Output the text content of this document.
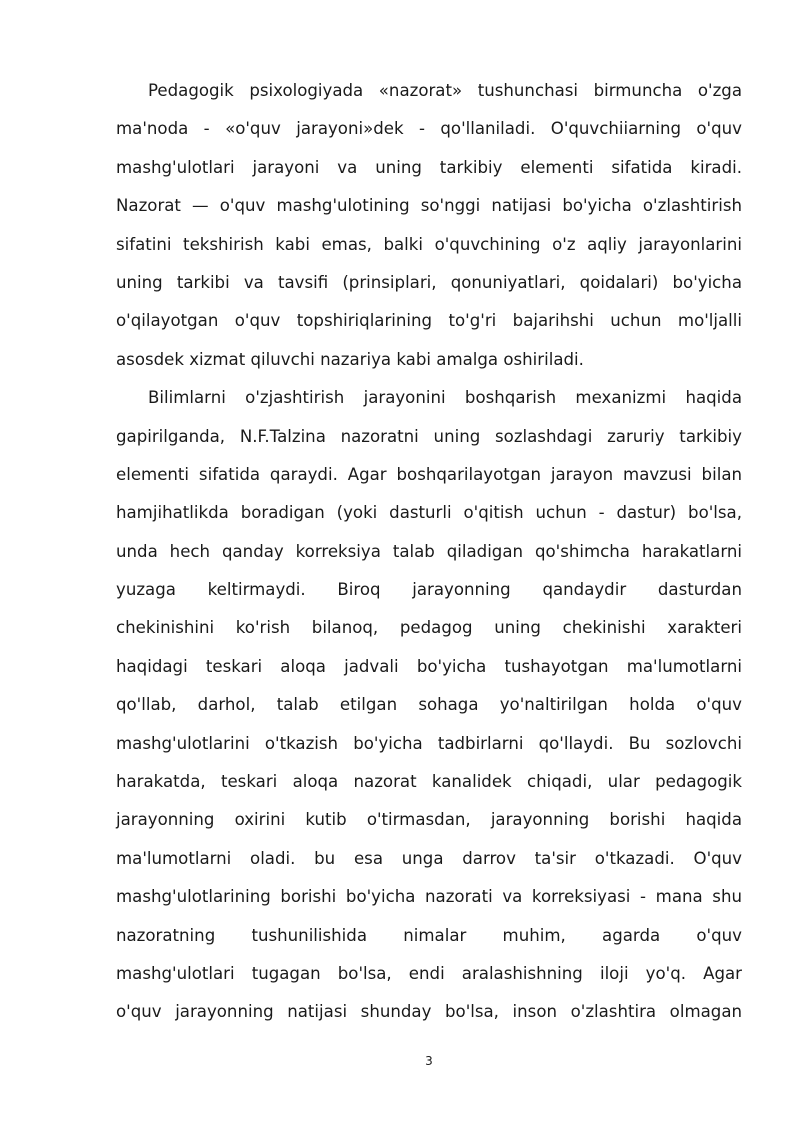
Pedagogik psixologiyada «nazorat» tushunchasi birmuncha o'zga
ma'noda - «o'quv jarayoni»dek - qo'llaniladi. O'quvchiiarning o'quv
mashg'ulotlari jarayoni va uning tarkibiy elementi sifatida kiradi.
Nazorat — o'quv mashg'ulotining so'nggi natijasi bo'yicha o'zlashtirish
sifatini tekshirish kabi emas, balki o'quvchining o'z aqliy jarayonlarini
uning tarkibi va tavsifi (prinsiplari, qonuniyatlari, qoidalari) bo'yicha
o'qilayotgan o'quv topshiriqlarining to'g'ri bajarihshi uchun mo'ljalli
asosdek xizmat qiluvchi nazariya kabi amalga oshiriladi.
Bilimlarni o'zjashtirish jarayonini boshqarish mexanizmi haqida
gapirilganda, N.F.Talzina nazoratni uning sozlashdagi zaruriy tarkibiy
elementi sifatida qaraydi. Agar boshqarilayotgan jarayon mavzusi bilan
hamjihatlikda boradigan (yoki dasturli o'qitish uchun - dastur) bo'lsa,
unda hech qanday korreksiya talab qiladigan qo'shimcha harakatlarni
yuzaga keltirmaydi. Biroq jarayonning qandaydir dasturdan
chekinishini ko'rish bilanoq, pedagog uning chekinishi xarakteri
haqidagi teskari aloqa jadvali bo'yicha tushayotgan ma'lumotlarni
qo'llab, darhol, talab etilgan sohaga yo'naltirilgan holda o'quv
mashg'ulotlarini o'tkazish bo'yicha tadbirlarni qo'llaydi. Bu sozlovchi
harakatda, teskari aloqa nazorat kanalidek chiqadi, ular pedagogik
jarayonning oxirini kutib o'tirmasdan, jarayonning borishi haqida
ma'lumotlarni oladi. bu esa unga darrov ta'sir o'tkazadi. O'quv
mashg'ulotlarining borishi bo'yicha nazorati va korreksiyasi - mana shu
nazoratning tushunilishida nimalar muhim, agarda o'quv
mashg'ulotlari tugagan bo'lsa, endi aralashishning iloji yo'q. Agar
o'quv jarayonning natijasi shunday bo'lsa, inson o'zlashtira olmagan
3
